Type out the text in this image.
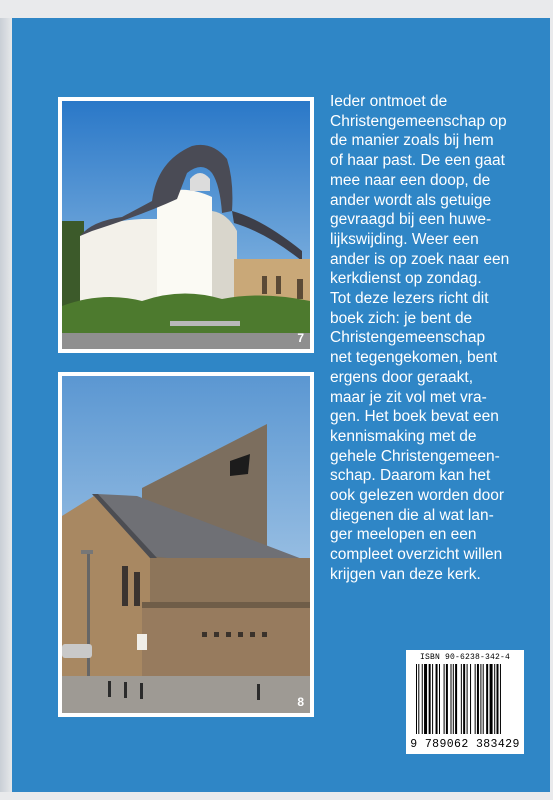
7
8

Ieder ontmoet de
Christengemeenschap op
de manier zoals bij hem
of haar past. De een gaat
mee naar een doop, de
ander wordt als getuige
gevraagd bij een huwe-
lijkswijding. Weer een
ander is op zoek naar een
kerkdienst op zondag.
Tot deze lezers richt dit
boek zich: je bent de
Christengemeenschap
net tegengekomen, bent
ergens door geraakt,
maar je zit vol met vra-
gen. Het boek bevat een
kennismaking met de
gehele Christengemeen-
schap. Daarom kan het
ook gelezen worden door
diegenen die al wat lan-
ger meelopen en een
compleet overzicht willen
krijgen van deze kerk.

ISBN 90-6238-342-4
9 789062 383429
